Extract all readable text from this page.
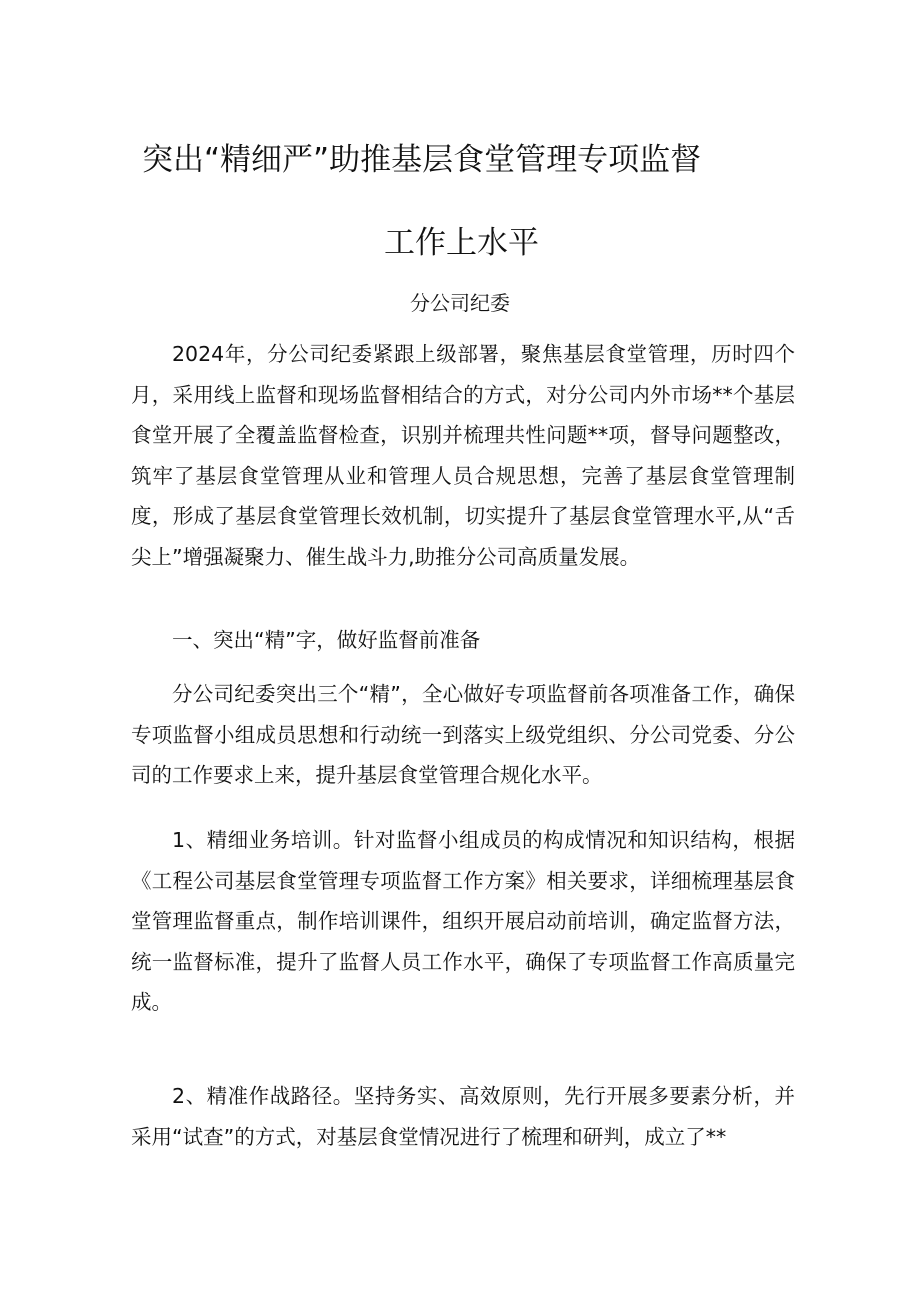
突出“精细严”助推基层食堂管理专项监督
工作上水平
分公司纪委

2024年，分公司纪委紧跟上级部署，聚焦基层食堂管理，历时四个月，采用线上监督和现场监督相结合的方式，对分公司内外市场**个基层食堂开展了全覆盖监督检查，识别并梳理共性问题**项，督导问题整改，筑牢了基层食堂管理从业和管理人员合规思想，完善了基层食堂管理制度，形成了基层食堂管理长效机制，切实提升了基层食堂管理水平,从“舌尖上”增强凝聚力、催生战斗力,助推分公司高质量发展。

一、突出“精”字，做好监督前准备

分公司纪委突出三个“精”，全心做好专项监督前各项准备工作，确保专项监督小组成员思想和行动统一到落实上级党组织、分公司党委、分公司的工作要求上来，提升基层食堂管理合规化水平。

1、精细业务培训。针对监督小组成员的构成情况和知识结构，根据《工程公司基层食堂管理专项监督工作方案》相关要求，详细梳理基层食堂管理监督重点，制作培训课件，组织开展启动前培训，确定监督方法，统一监督标准，提升了监督人员工作水平，确保了专项监督工作高质量完成。

2、精准作战路径。坚持务实、高效原则，先行开展多要素分析，并采用“试查”的方式，对基层食堂情况进行了梳理和研判，成立了**
